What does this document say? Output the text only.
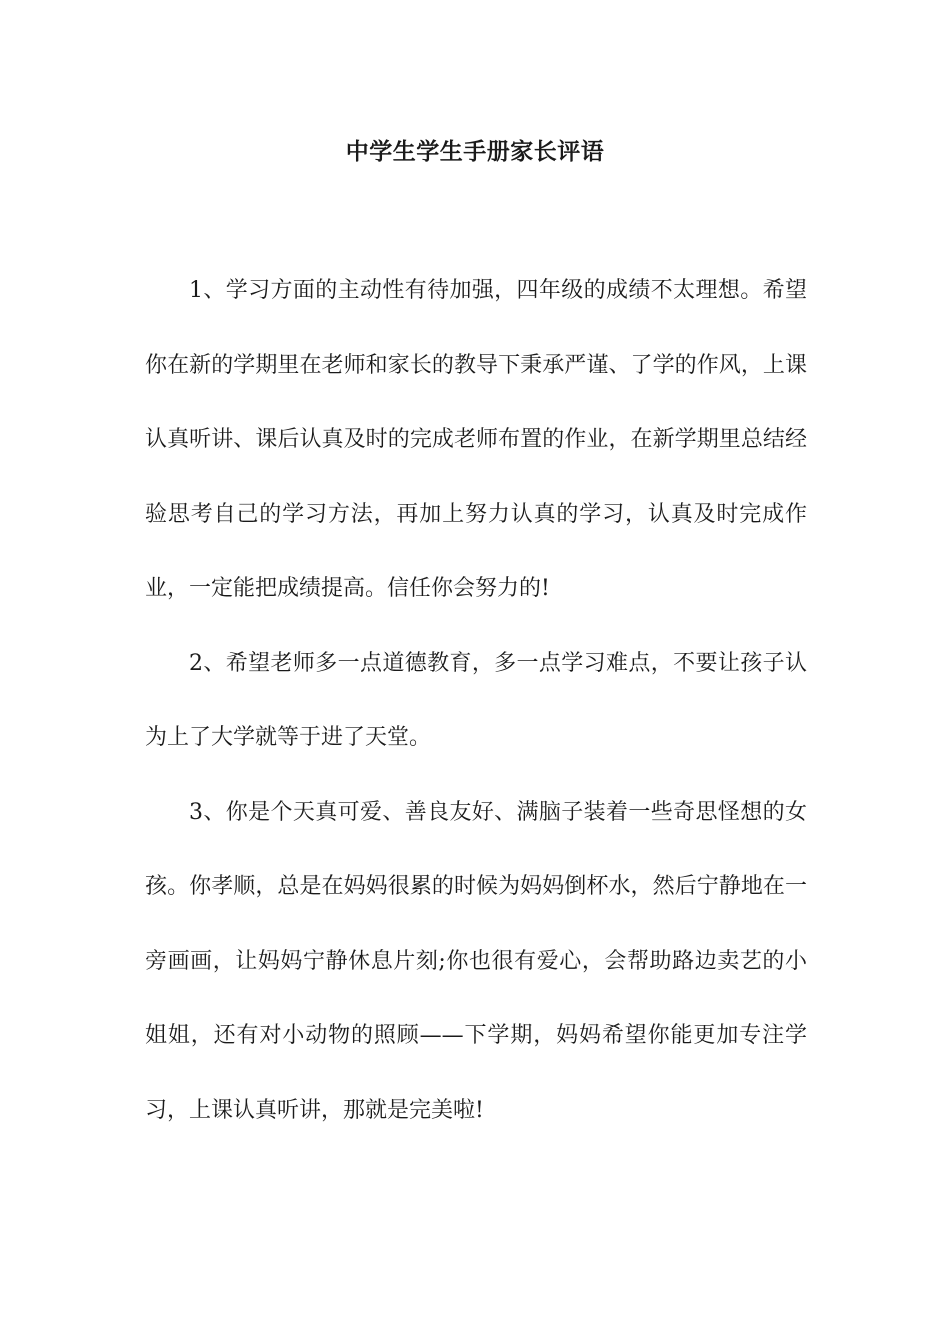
中学生学生手册家长评语

1、学习方面的主动性有待加强，四年级的成绩不太理想。希望你在新的学期里在老师和家长的教导下秉承严谨、了学的作风，上课认真听讲、课后认真及时的完成老师布置的作业，在新学期里总结经验思考自己的学习方法，再加上努力认真的学习，认真及时完成作业，一定能把成绩提高。信任你会努力的!

2、希望老师多一点道德教育，多一点学习难点，不要让孩子认为上了大学就等于进了天堂。

3、你是个天真可爱、善良友好、满脑子装着一些奇思怪想的女孩。你孝顺，总是在妈妈很累的时候为妈妈倒杯水，然后宁静地在一旁画画，让妈妈宁静休息片刻;你也很有爱心，会帮助路边卖艺的小姐姐，还有对小动物的照顾——下学期，妈妈希望你能更加专注学习，上课认真听讲，那就是完美啦!
